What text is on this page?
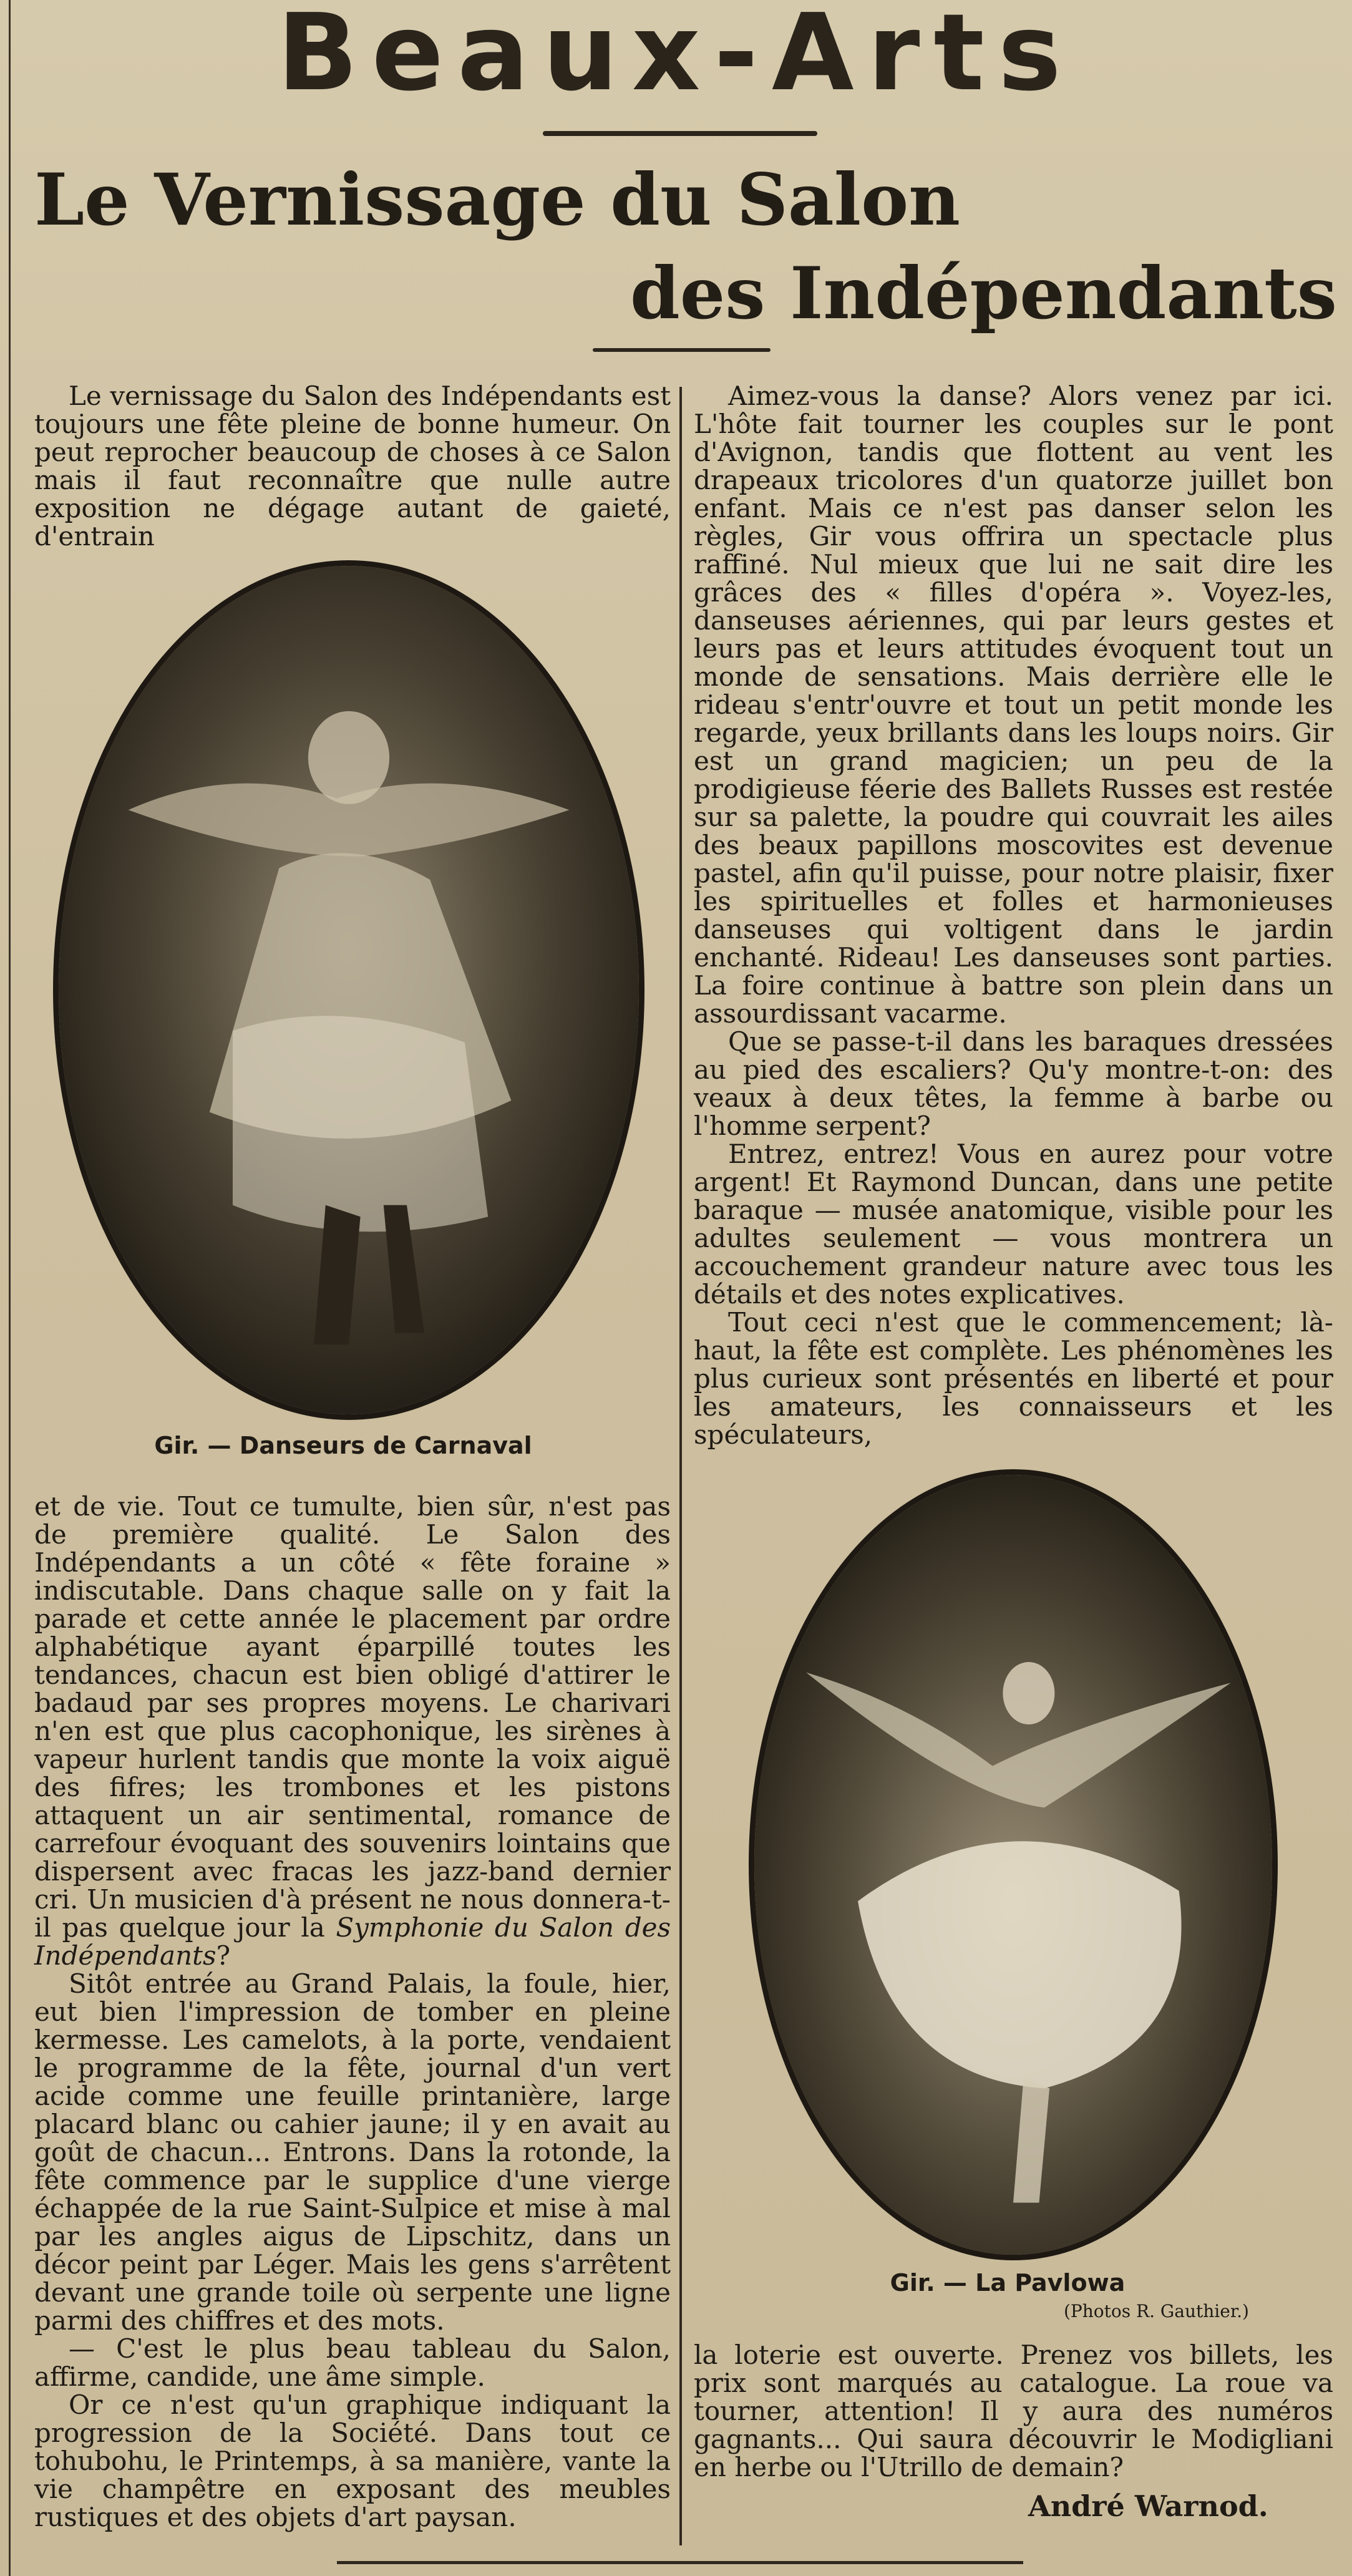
Beaux-Arts
Le Vernissage du Salon
des Indépendants

Le vernissage du Salon des Indépendants est toujours une fête pleine de bonne humeur. On peut reprocher beaucoup de choses à ce Salon mais il faut reconnaître que nulle autre exposition ne dégage autant de gaieté, d'entrain

Gir. — Danseurs de Carnaval

et de vie. Tout ce tumulte, bien sûr, n'est pas de première qualité. Le Salon des Indépendants a un côté « fête foraine » indiscutable. Dans chaque salle on y fait la parade et cette année le placement par ordre alphabétique ayant éparpillé toutes les tendances, chacun est bien obligé d'attirer le badaud par ses propres moyens. Le charivari n'en est que plus cacophonique, les sirènes à vapeur hurlent tandis que monte la voix aiguë des fifres; les trombones et les pistons attaquent un air sentimental, romance de carrefour évoquant des souvenirs lointains que dispersent avec fracas les jazz-band dernier cri. Un musicien d'à présent ne nous donnera-t-il pas quelque jour la Symphonie du Salon des Indépendants?

Sitôt entrée au Grand Palais, la foule, hier, eut bien l'impression de tomber en pleine kermesse. Les camelots, à la porte, vendaient le programme de la fête, journal d'un vert acide comme une feuille printanière, large placard blanc ou cahier jaune; il y en avait au goût de chacun... Entrons. Dans la rotonde, la fête commence par le supplice d'une vierge échappée de la rue Saint-Sulpice et mise à mal par les angles aigus de Lipschitz, dans un décor peint par Léger. Mais les gens s'arrêtent devant une grande toile où serpente une ligne parmi des chiffres et des mots.

— C'est le plus beau tableau du Salon, affirme, candide, une âme simple.

Or ce n'est qu'un graphique indiquant la progression de la Société. Dans tout ce tohubohu, le Printemps, à sa manière, vante la vie champêtre en exposant des meubles rustiques et des objets d'art paysan.

Aimez-vous la danse? Alors venez par ici. L'hôte fait tourner les couples sur le pont d'Avignon, tandis que flottent au vent les drapeaux tricolores d'un quatorze juillet bon enfant. Mais ce n'est pas danser selon les règles, Gir vous offrira un spectacle plus raffiné. Nul mieux que lui ne sait dire les grâces des « filles d'opéra ». Voyez-les, danseuses aériennes, qui par leurs gestes et leurs pas et leurs attitudes évoquent tout un monde de sensations. Mais derrière elle le rideau s'entr'ouvre et tout un petit monde les regarde, yeux brillants dans les loups noirs. Gir est un grand magicien; un peu de la prodigieuse féerie des Ballets Russes est restée sur sa palette, la poudre qui couvrait les ailes des beaux papillons moscovites est devenue pastel, afin qu'il puisse, pour notre plaisir, fixer les spirituelles et folles et harmonieuses danseuses qui voltigent dans le jardin enchanté. Rideau! Les danseuses sont parties. La foire continue à battre son plein dans un assourdissant vacarme.

Que se passe-t-il dans les baraques dressées au pied des escaliers? Qu'y montre-t-on: des veaux à deux têtes, la femme à barbe ou l'homme serpent?

Entrez, entrez! Vous en aurez pour votre argent! Et Raymond Duncan, dans une petite baraque — musée anatomique, visible pour les adultes seulement — vous montrera un accouchement grandeur nature avec tous les détails et des notes explicatives.

Tout ceci n'est que le commencement; là-haut, la fête est complète. Les phénomènes les plus curieux sont présentés en liberté et pour les amateurs, les connaisseurs et les spéculateurs,

Gir. — La Pavlowa
(Photos R. Gauthier.)

la loterie est ouverte. Prenez vos billets, les prix sont marqués au catalogue. La roue va tourner, attention! Il y aura des numéros gagnants... Qui saura découvrir le Modigliani en herbe ou l'Utrillo de demain?

André Warnod.
